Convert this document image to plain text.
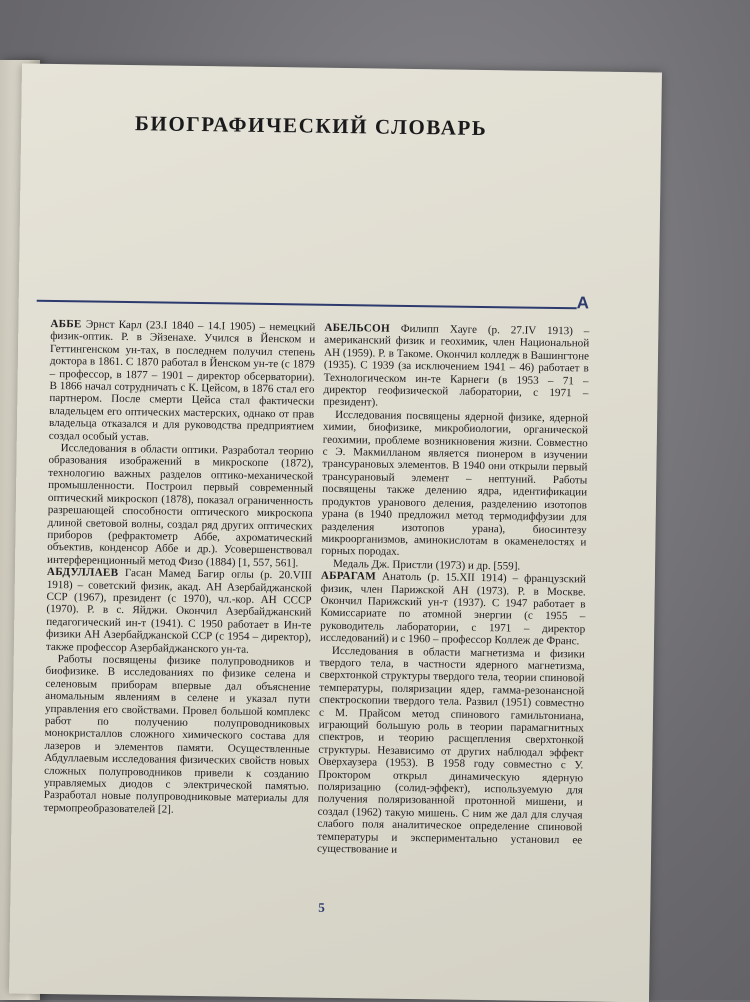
БИОГРАФИЧЕСКИЙ СЛОВАРЬ
А

АББЕ Эрнст Карл (23.I 1840 – 14.I 1905) – немецкий физик-оптик. Р. в Эйзенахе. Учился в Йенском и Геттингенском ун-тах, в последнем получил степень доктора в 1861. С 1870 работал в Йенском ун-те (с 1879 – профессор, в 1877 – 1901 – директор обсерватории). В 1866 начал сотрудничать с К. Цейсом, в 1876 стал его партнером. После смерти Цейса стал фактически владельцем его оптических мастерских, однако от прав владельца отказался и для руководства предприятием создал особый устав.

Исследования в области оптики. Разработал теорию образования изображений в микроскопе (1872), технологию важных разделов оптико-механической промышленности. Построил первый современный оптический микроскоп (1878), показал ограниченность разрешающей способности оптического микроскопа длиной световой волны, создал ряд других оптических приборов (рефрактометр Аббе, ахроматический объектив, конденсор Аббе и др.). Усовершенствовал интерференционный метод Физо (1884) [1, 557, 561].

АБДУЛЛАЕВ Гасан Мамед Багир оглы (р. 20.VIII 1918) – советский физик, акад. АН Азербайджанской ССР (1967), президент (с 1970), чл.-кор. АН СССР (1970). Р. в с. Яйджи. Окончил Азербайджанский педагогический ин-т (1941). С 1950 работает в Ин-те физики АН Азербайджанской ССР (с 1954 – директор), также профессор Азербайджанского ун-та.

Работы посвящены физике полупроводников и биофизике. В исследованиях по физике селена и селеновым приборам впервые дал объяснение аномальным явлениям в селене и указал пути управления его свойствами. Провел большой комплекс работ по получению полупроводниковых монокристаллов сложного химического состава для лазеров и элементов памяти. Осуществленные Абдуллаевым исследования физических свойств новых сложных полупроводников привели к созданию управляемых диодов с электрической памятью. Разработал новые полупроводниковые материалы для термопреобразователей [2].

АБЕЛЬСОН Филипп Хауге (р. 27.IV 1913) – американский физик и геохимик, член Национальной АН (1959). Р. в Такоме. Окончил колледж в Вашингтоне (1935). С 1939 (за исключением 1941 – 46) работает в Технологическом ин-те Карнеги (в 1953 – 71 – директор геофизической лаборатории, с 1971 – президент).

Исследования посвящены ядерной физике, ядерной химии, биофизике, микробиологии, органической геохимии, проблеме возникновения жизни. Совместно с Э. Макмилланом является пионером в изучении трансурановых элементов. В 1940 они открыли первый трансурановый элемент – нептуний. Работы посвящены также делению ядра, идентификации продуктов уранового деления, разделению изотопов урана (в 1940 предложил метод термодиффузии для разделения изотопов урана), биосинтезу микроорганизмов, аминокислотам в окаменелостях и горных породах.

Медаль Дж. Пристли (1973) и др. [559].

АБРАГАМ Анатоль (р. 15.XII 1914) – французский физик, член Парижской АН (1973). Р. в Москве. Окончил Парижский ун-т (1937). С 1947 работает в Комиссариате по атомной энергии (с 1955 – руководитель лаборатории, с 1971 – директор исследований) и с 1960 – профессор Коллеж де Франс.

Исследования в области магнетизма и физики твердого тела, в частности ядерного магнетизма, сверхтонкой структуры твердого тела, теории спиновой температуры, поляризации ядер, гамма-резонансной спектроскопии твердого тела. Развил (1951) совместно с М. Прайсом метод спинового гамильтониана, играющий большую роль в теории парамагнитных спектров, и теорию расщепления сверхтонкой структуры. Независимо от других наблюдал эффект Оверхаузера (1953). В 1958 году совместно с У. Проктором открыл динамическую ядерную поляризацию (солид-эффект), используемую для получения поляризованной протонной мишени, и создал (1962) такую мишень. С ним же дал для случая слабого поля аналитическое определение спиновой температуры и экспериментально установил ее существование и

5
